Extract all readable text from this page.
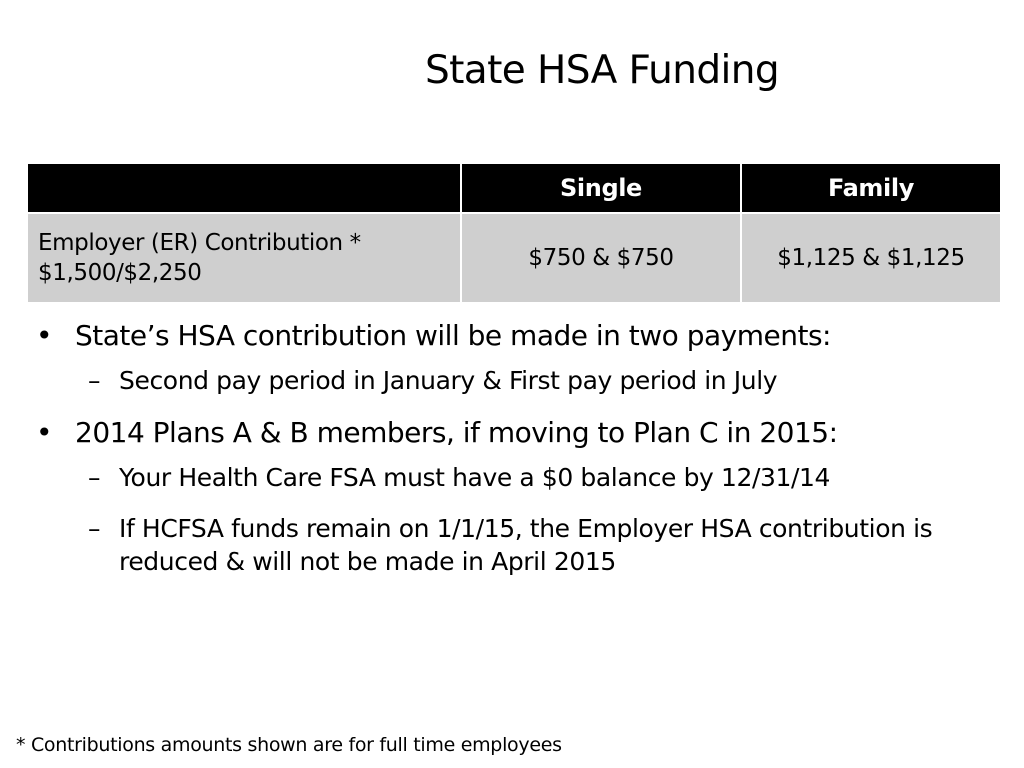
State HSA Funding
	Single	Family

Employer (ER) Contribution *
$1,500/$2,250	$750 & $750	$1,125 & $1,125
• State’s HSA contribution will be made in two payments:
– Second pay period in January & First pay period in July
• 2014 Plans A & B members, if moving to Plan C in 2015:
– Your Health Care FSA must have a $0 balance by 12/31/14
– If HCFSA funds remain on 1/1/15, the Employer HSA contribution is reduced & will not be made in April 2015
* Contributions amounts shown are for full time employees
